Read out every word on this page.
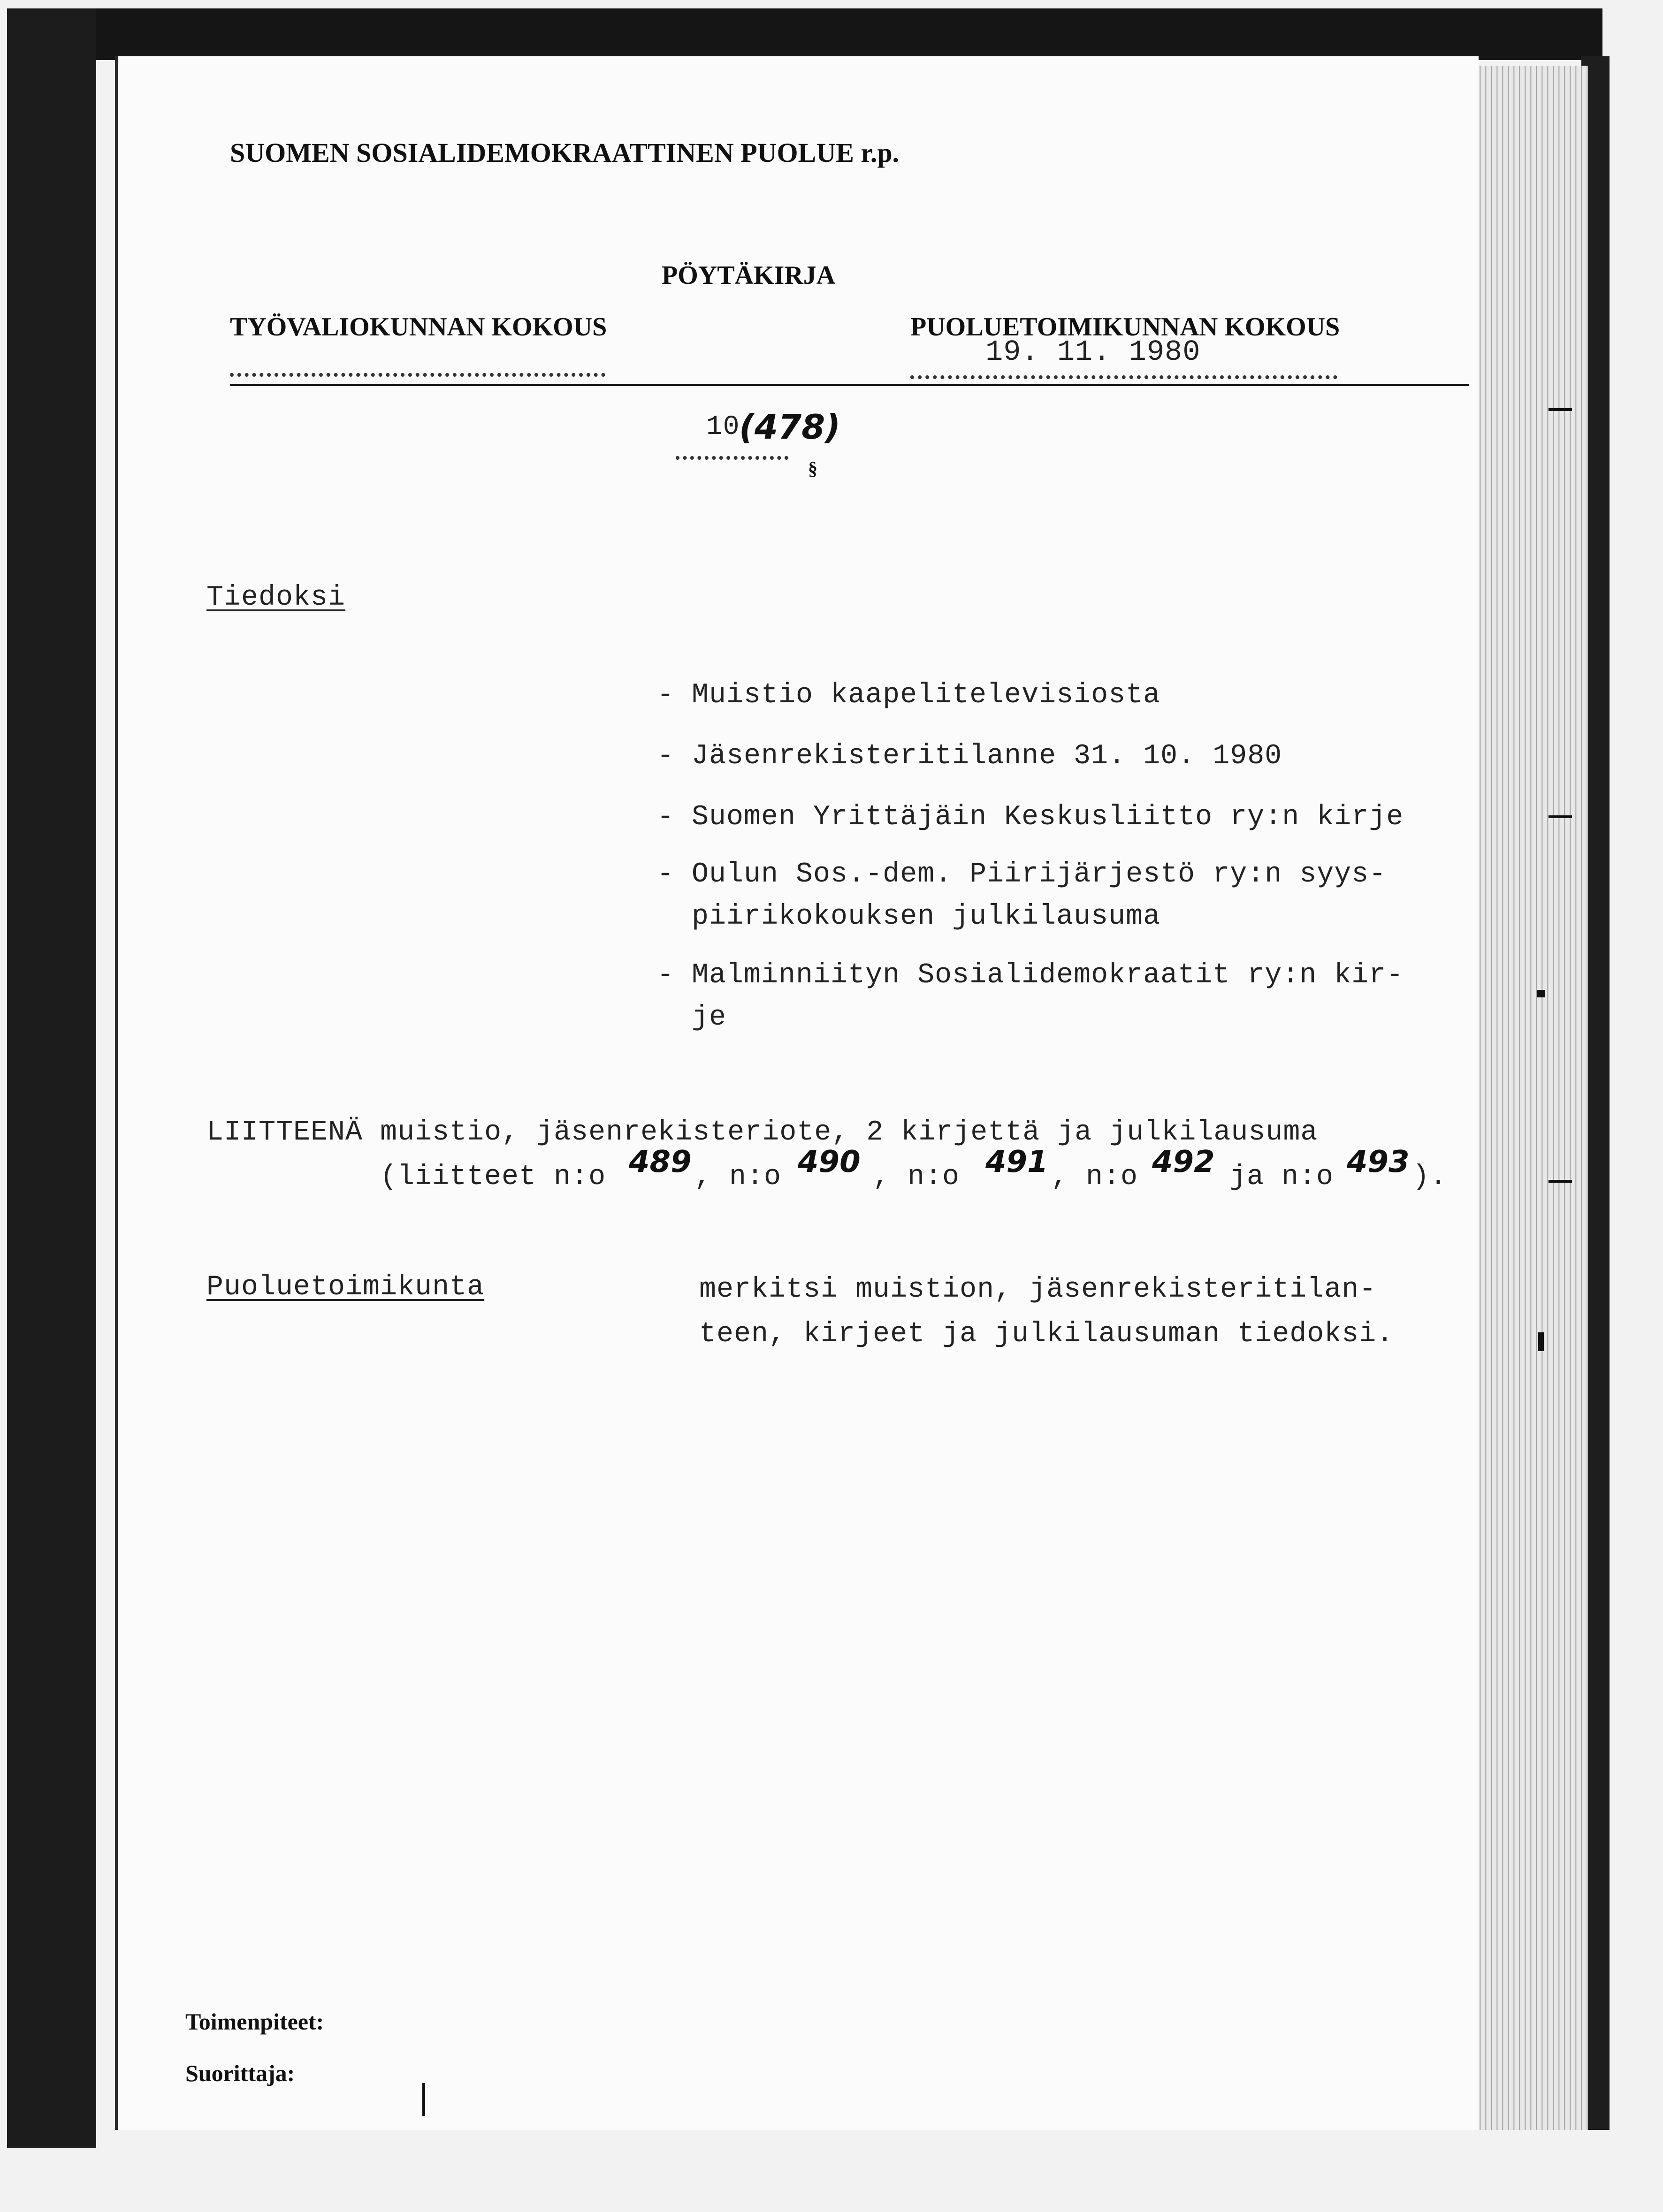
SUOMEN SOSIALIDEMOKRAATTINEN PUOLUE r.p.
PÖYTÄKIRJA
TYÖVALIOKUNNAN KOKOUS	PUOLUETOIMIKUNNAN KOKOUS
19. 11. 1980
10
(478)
§
Tiedoksi
- Muistio kaapelitelevisiosta
- Jäsenrekisteritilanne 31. 10. 1980
- Suomen Yrittäjäin Keskusliitto ry:n kirje
- Oulun Sos.-dem. Piirijärjestö ry:n syys-
piirikokouksen julkilausuma
- Malminniityn Sosialidemokraatit ry:n kir-
je
LIITTEENÄ muistio, jäsenrekisteriote, 2 kirjettä ja julkilausuma
(liitteet n:o 489 , n:o 490 , n:o 491 , n:o 492 ja n:o 493 ).
Puoluetoimikunta	merkitsi muistion, jäsenrekisteritilan-
teen, kirjeet ja julkilausuman tiedoksi.
Toimenpiteet:
Suorittaja:
